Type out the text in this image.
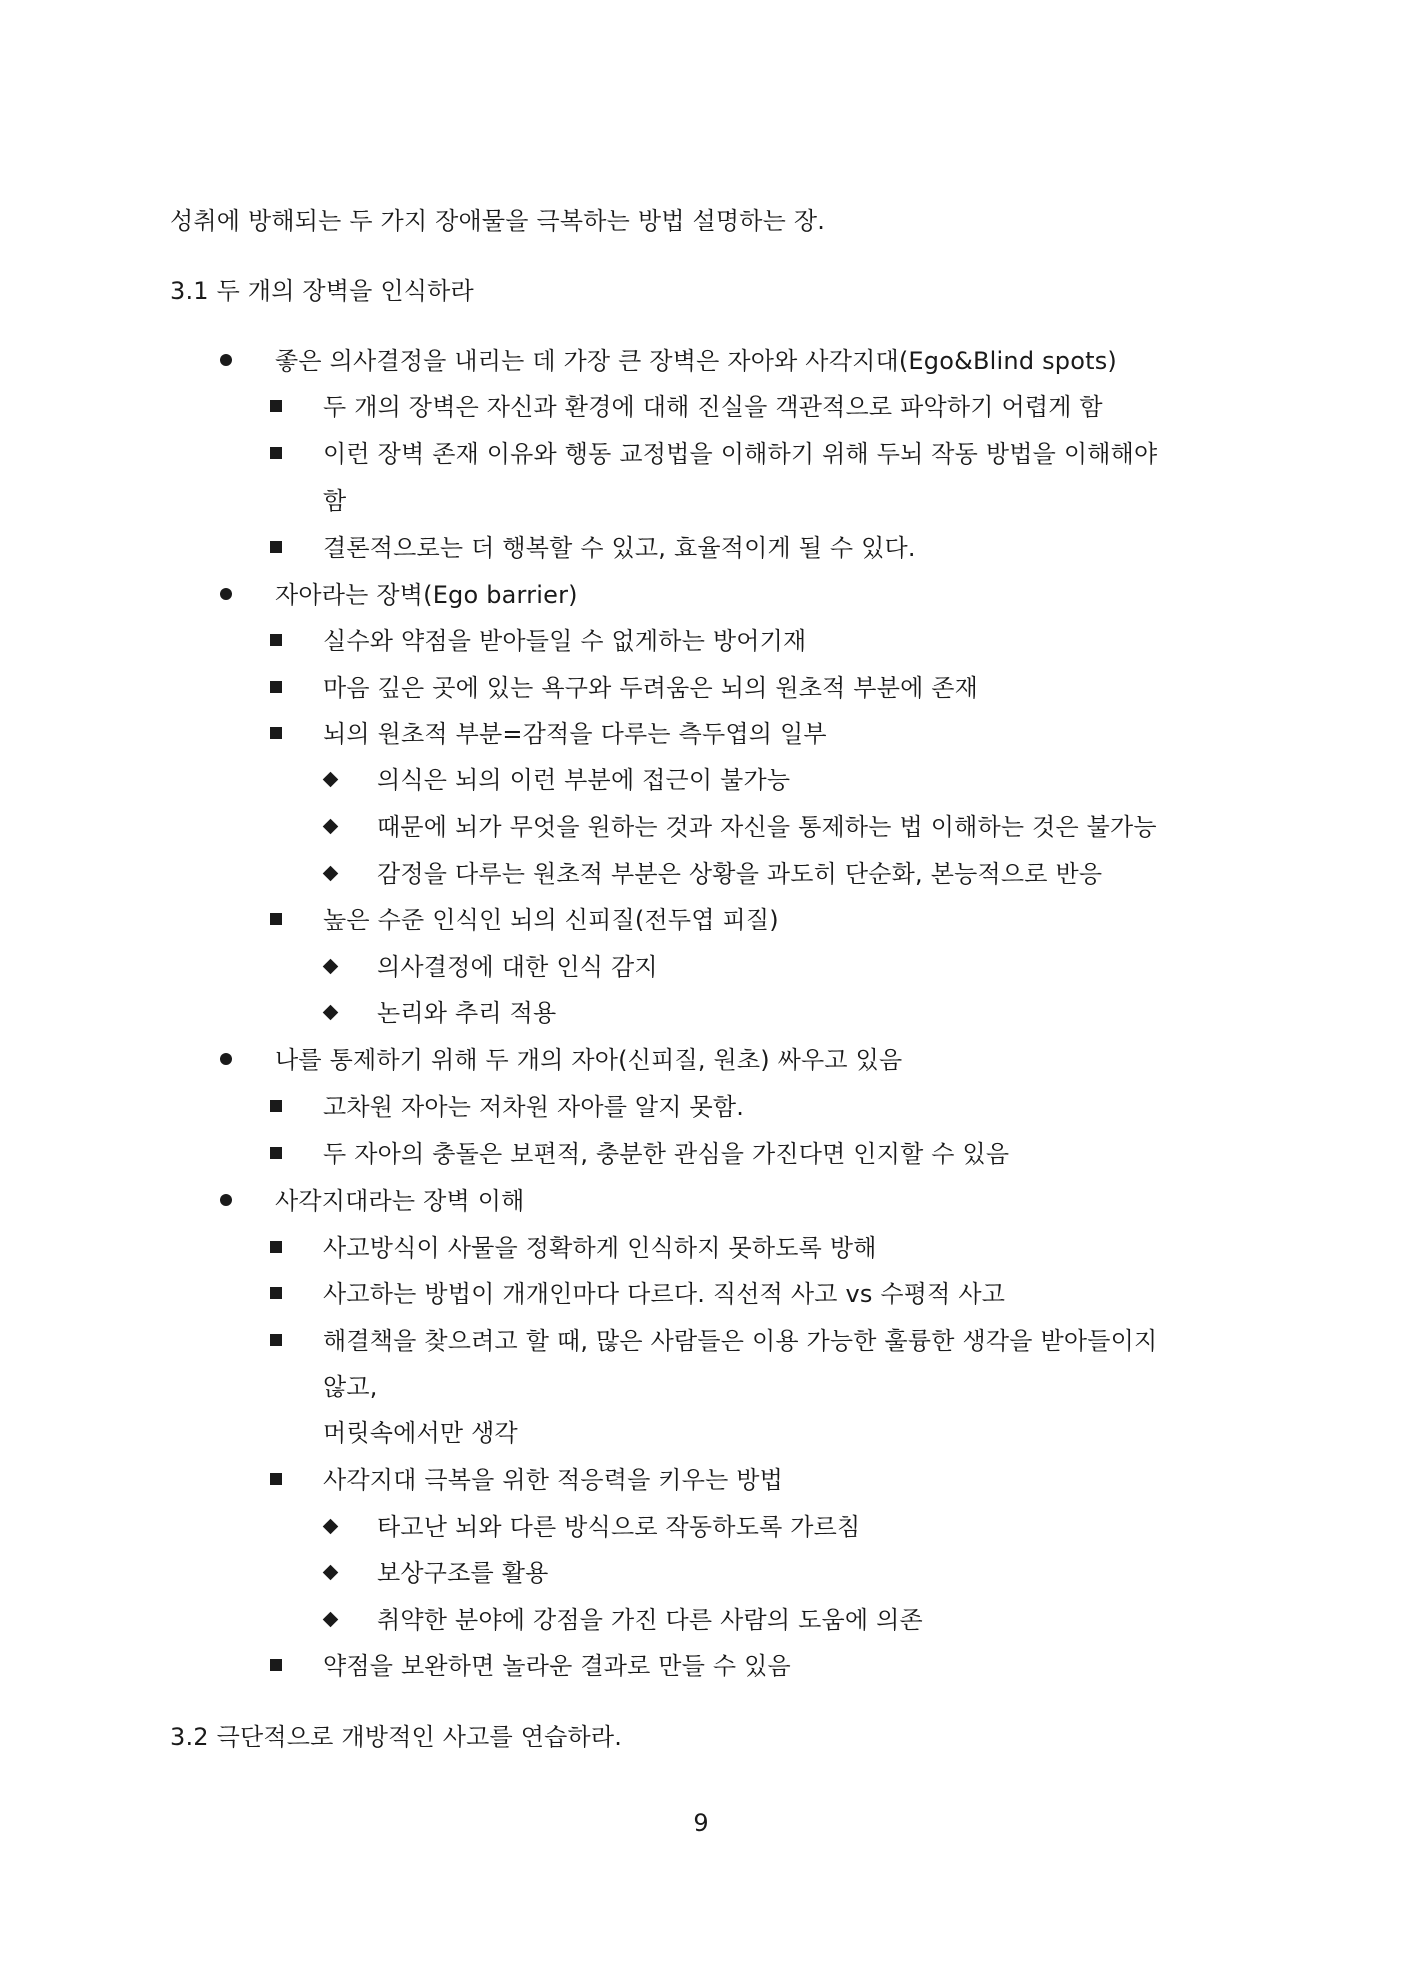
성취에 방해되는 두 가지 장애물을 극복하는 방법 설명하는 장.
3.1 두 개의 장벽을 인식하라
좋은 의사결정을 내리는 데 가장 큰 장벽은 자아와 사각지대(Ego&Blind spots)
두 개의 장벽은 자신과 환경에 대해 진실을 객관적으로 파악하기 어렵게 함
이런 장벽 존재 이유와 행동 교정법을 이해하기 위해 두뇌 작동 방법을 이해해야
함
결론적으로는 더 행복할 수 있고, 효율적이게 될 수 있다.
자아라는 장벽(Ego barrier)
실수와 약점을 받아들일 수 없게하는 방어기재
마음 깊은 곳에 있는 욕구와 두려움은 뇌의 원초적 부분에 존재
뇌의 원초적 부분=감적을 다루는 측두엽의 일부
의식은 뇌의 이런 부분에 접근이 불가능
때문에 뇌가 무엇을 원하는 것과 자신을 통제하는 법 이해하는 것은 불가능
감정을 다루는 원초적 부분은 상황을 과도히 단순화, 본능적으로 반응
높은 수준 인식인 뇌의 신피질(전두엽 피질)
의사결정에 대한 인식 감지
논리와 추리 적용
나를 통제하기 위해 두 개의 자아(신피질, 원초) 싸우고 있음
고차원 자아는 저차원 자아를 알지 못함.
두 자아의 충돌은 보편적, 충분한 관심을 가진다면 인지할 수 있음
사각지대라는 장벽 이해
사고방식이 사물을 정확하게 인식하지 못하도록 방해
사고하는 방법이 개개인마다 다르다. 직선적 사고 vs 수평적 사고
해결책을 찾으려고 할 때, 많은 사람들은 이용 가능한 훌륭한 생각을 받아들이지
않고,
머릿속에서만 생각
사각지대 극복을 위한 적응력을 키우는 방법
타고난 뇌와 다른 방식으로 작동하도록 가르침
보상구조를 활용
취약한 분야에 강점을 가진 다른 사람의 도움에 의존
약점을 보완하면 놀라운 결과로 만들 수 있음
3.2 극단적으로 개방적인 사고를 연습하라.
9
